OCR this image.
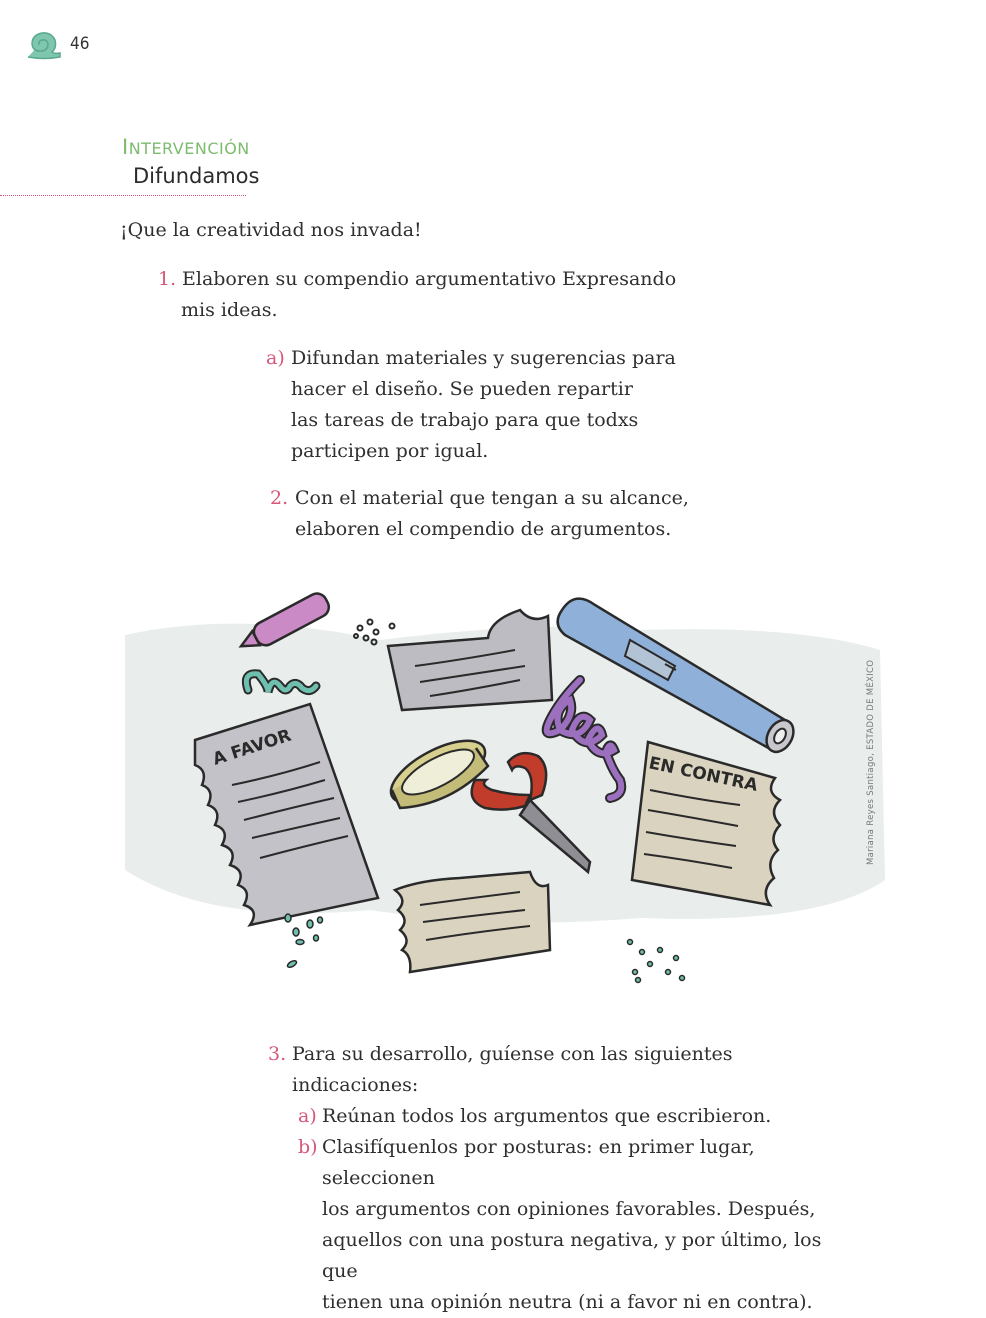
46
INTERVENCIÓN
Difundamos
¡Que la creatividad nos invada!
1. Elaboren su compendio argumentativo Expresando
mis ideas.
a) Difundan materiales y sugerencias para
hacer el diseño. Se pueden repartir
las tareas de trabajo para que todxs
participen por igual.
2. Con el material que tengan a su alcance,
elaboren el compendio de argumentos.
A FAVOR
EN CONTRA	Mariana Reyes Santiago, ESTADO DE MÉXICO
3. Para su desarrollo, guíense con las siguientes indicaciones:
a) Reúnan todos los argumentos que escribieron.
b) Clasifíquenlos por posturas: en primer lugar, seleccionen
los argumentos con opiniones favorables. Después,
aquellos con una postura negativa, y por último, los que
tienen una opinión neutra (ni a favor ni en contra).
